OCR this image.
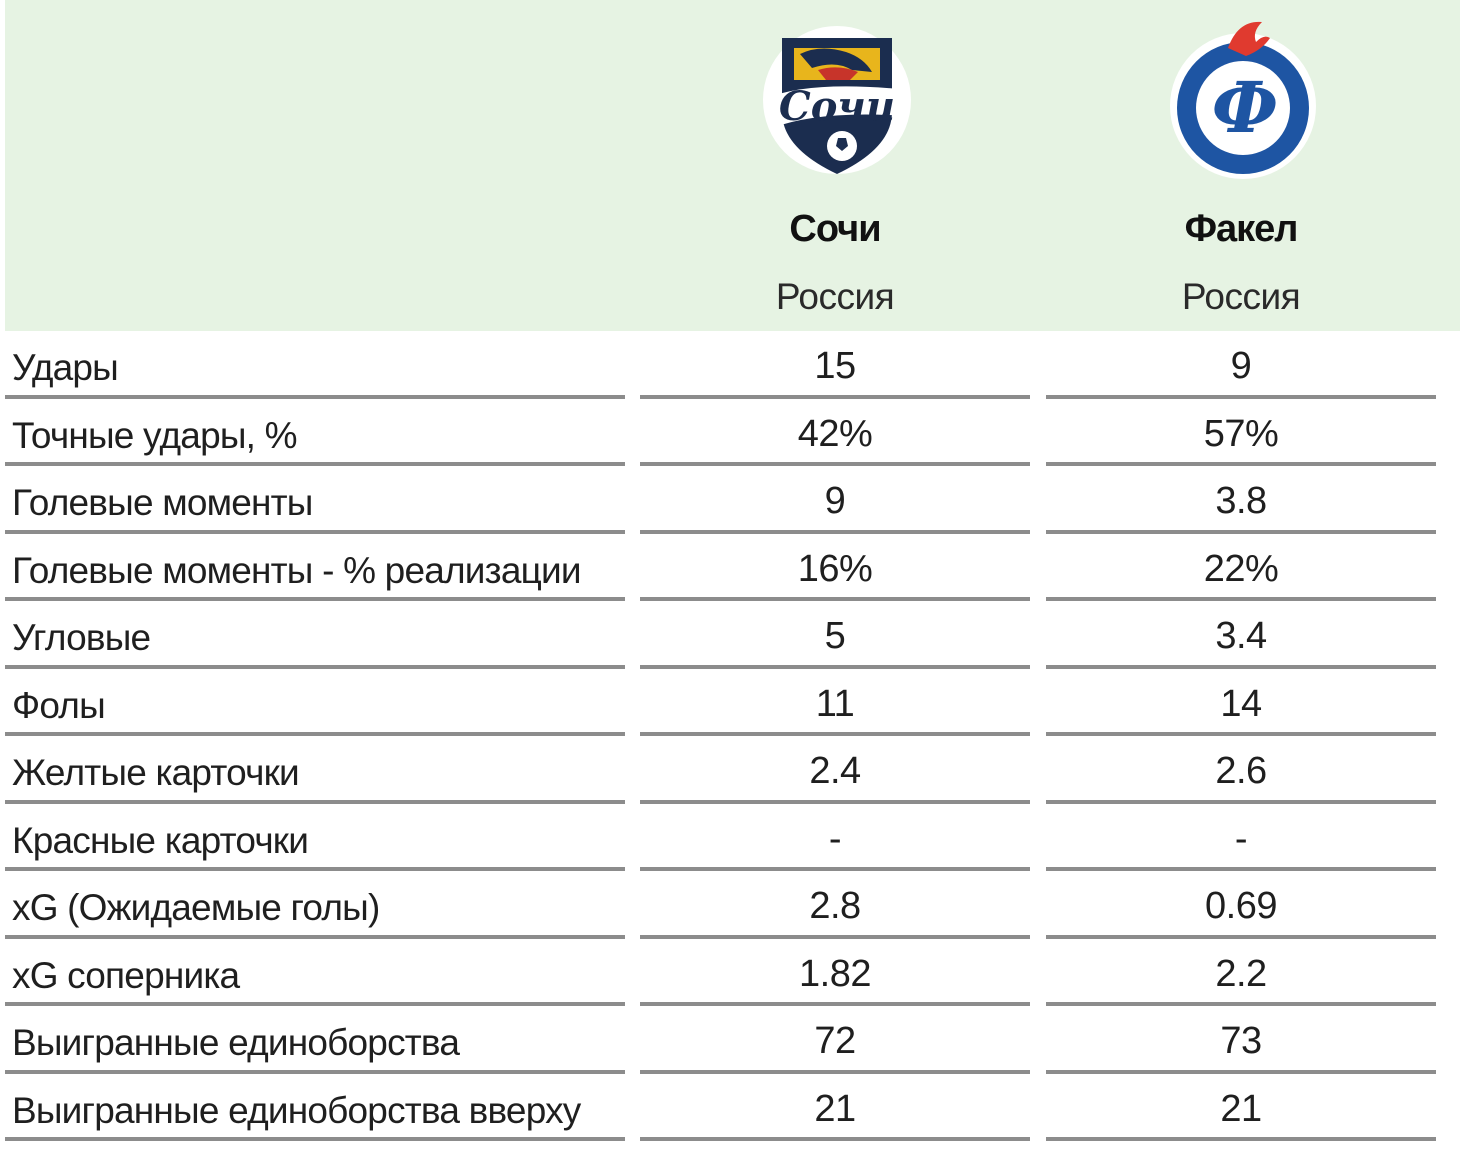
Сочи
Сочи
Россия
Ф
Факел
Россия
Удары	15	9
Точные удары, %	42%	57%
Голевые моменты	9	3.8
Голевые моменты - % реализации	16%	22%
Угловые	5	3.4
Фолы	11	14
Желтые карточки	2.4	2.6
Красные карточки	-	-
xG (Ожидаемые голы)	2.8	0.69
xG соперника	1.82	2.2
Выигранные единоборства	72	73
Выигранные единоборства вверху	21	21
